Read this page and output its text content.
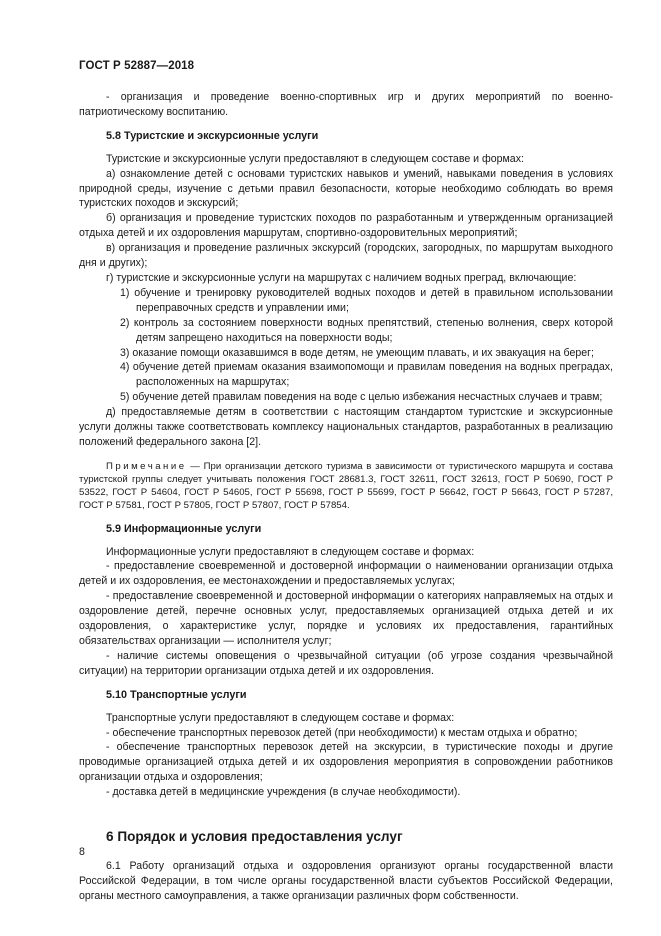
ГОСТ Р 52887—2018

- организация и проведение военно-спортивных игр и других мероприятий по военно-патриотическому воспитанию.

5.8 Туристские и экскурсионные услуги

Туристские и экскурсионные услуги предоставляют в следующем составе и формах:

а) ознакомление детей с основами туристских навыков и умений, навыками поведения в условиях природной среды, изучение с детьми правил безопасности, которые необходимо соблюдать во время туристских походов и экскурсий;

б) организация и проведение туристских походов по разработанным и утвержденным организацией отдыха детей и их оздоровления маршрутам, спортивно-оздоровительных мероприятий;

в) организация и проведение различных экскурсий (городских, загородных, по маршрутам выходного дня и других);

г) туристские и экскурсионные услуги на маршрутах с наличием водных преград, включающие:

1) обучение и тренировку руководителей водных походов и детей в правильном использовании переправочных средств и управлении ими;

2) контроль за состоянием поверхности водных препятствий, степенью волнения, сверх которой детям запрещено находиться на поверхности воды;

3) оказание помощи оказавшимся в воде детям, не умеющим плавать, и их эвакуация на берег;

4) обучение детей приемам оказания взаимопомощи и правилам поведения на водных преградах, расположенных на маршрутах;

5) обучение детей правилам поведения на воде с целью избежания несчастных случаев и травм;

д) предоставляемые детям в соответствии с настоящим стандартом туристские и экскурсионные услуги должны также соответствовать комплексу национальных стандартов, разработанных в реализацию положений федерального закона [2].

Примечание — При организации детского туризма в зависимости от туристического маршрута и состава туристской группы следует учитывать положения ГОСТ 28681.3, ГОСТ 32611, ГОСТ 32613, ГОСТ Р 50690, ГОСТ Р 53522, ГОСТ Р 54604, ГОСТ Р 54605, ГОСТ Р 55698, ГОСТ Р 55699, ГОСТ Р 56642, ГОСТ Р 56643, ГОСТ Р 57287, ГОСТ Р 57581, ГОСТ Р 57805, ГОСТ Р 57807, ГОСТ Р 57854.

5.9 Информационные услуги

Информационные услуги предоставляют в следующем составе и формах:

- предоставление своевременной и достоверной информации о наименовании организации отдыха детей и их оздоровления, ее местонахождении и предоставляемых услугах;

- предоставление своевременной и достоверной информации о категориях направляемых на отдых и оздоровление детей, перечне основных услуг, предоставляемых организацией отдыха детей и их оздоровления, о характеристике услуг, порядке и условиях их предоставления, гарантийных обязательствах организации — исполнителя услуг;

- наличие системы оповещения о чрезвычайной ситуации (об угрозе создания чрезвычайной ситуации) на территории организации отдыха детей и их оздоровления.

5.10 Транспортные услуги

Транспортные услуги предоставляют в следующем составе и формах:

- обеспечение транспортных перевозок детей (при необходимости) к местам отдыха и обратно;

- обеспечение транспортных перевозок детей на экскурсии, в туристические походы и другие проводимые организацией отдыха детей и их оздоровления мероприятия в сопровождении работников организации отдыха и оздоровления;

- доставка детей в медицинские учреждения (в случае необходимости).

6 Порядок и условия предоставления услуг

6.1 Работу организаций отдыха и оздоровления организуют органы государственной власти Российской Федерации, в том числе органы государственной власти субъектов Российской Федерации, органы местного самоуправления, а также организации различных форм собственности.

8
